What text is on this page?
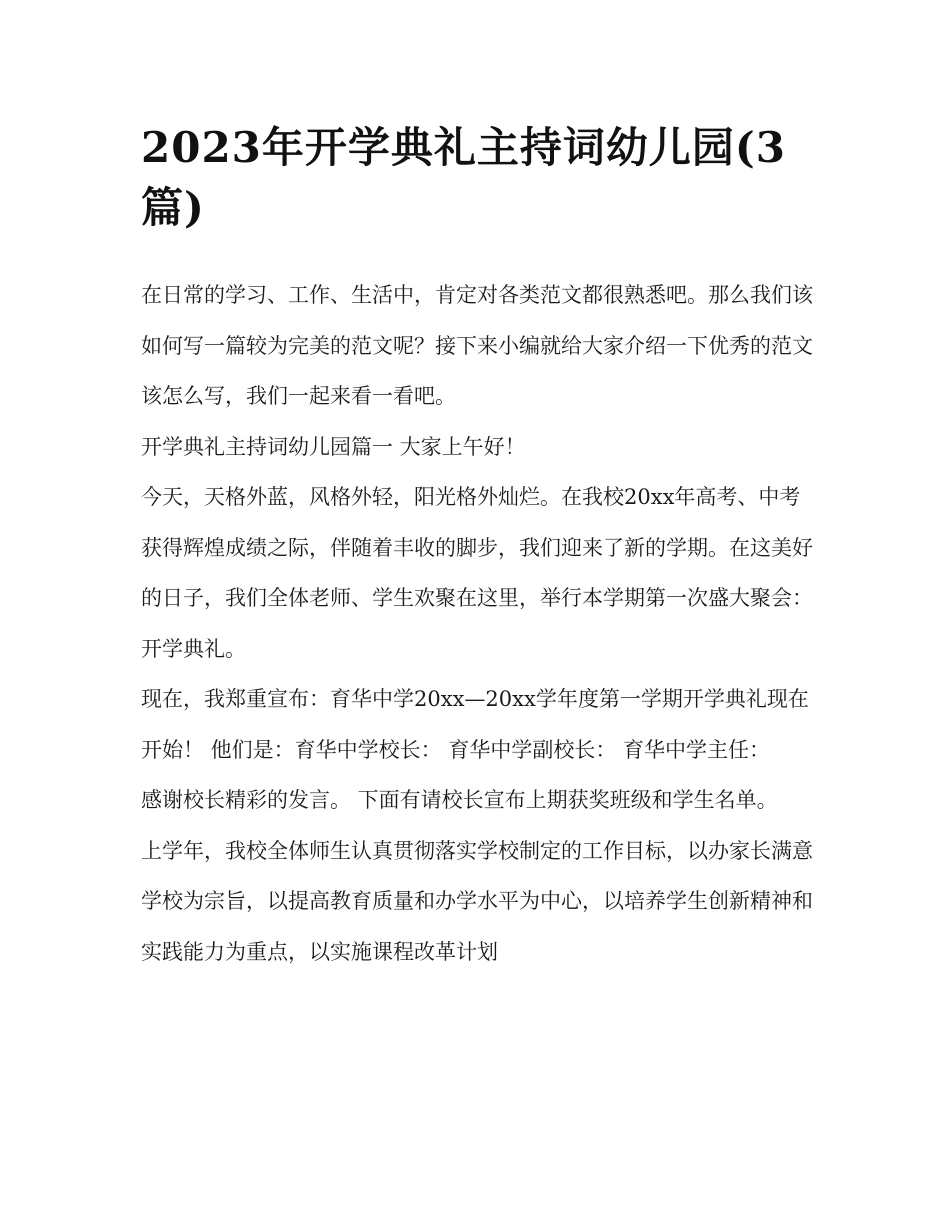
2023年开学典礼主持词幼儿园(3篇)

在日常的学习、工作、生活中，肯定对各类范文都很熟悉吧。那么我们该如何写一篇较为完美的范文呢？接下来小编就给大家介绍一下优秀的范文该怎么写，我们一起来看一看吧。

开学典礼主持词幼儿园篇一 大家上午好！

今天，天格外蓝，风格外轻，阳光格外灿烂。在我校20xx年高考、中考获得辉煌成绩之际，伴随着丰收的脚步，我们迎来了新的学期。在这美好的日子，我们全体老师、学生欢聚在这里，举行本学期第一次盛大聚会：开学典礼。

现在，我郑重宣布：育华中学20xx—20xx学年度第一学期开学典礼现在开始！ 他们是：育华中学校长： 育华中学副校长： 育华中学主任：

感谢校长精彩的发言。 下面有请校长宣布上期获奖班级和学生名单。

上学年，我校全体师生认真贯彻落实学校制定的工作目标，以办家长满意学校为宗旨，以提高教育质量和办学水平为中心，以培养学生创新精神和实践能力为重点，以实施课程改革计划
